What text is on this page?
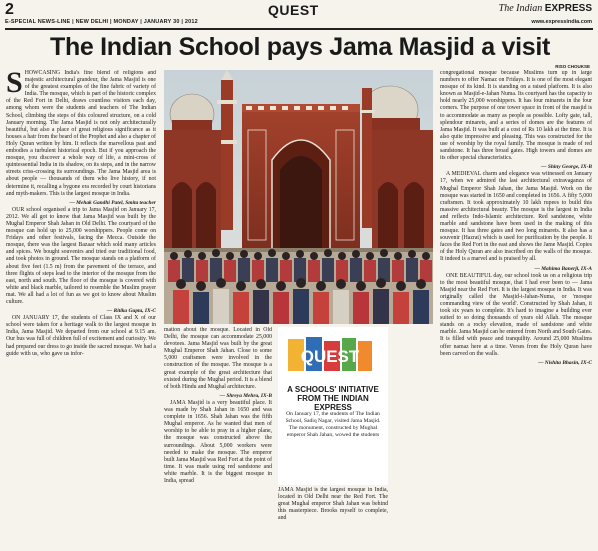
2
E-SPECIAL NEWS-LINE | NEW DELHI | MONDAY | JANUARY 30 | 2012
QUEST	The Indian EXPRESS
www.expressindia.com
The Indian School pays Jama Masjid a visit
RISO CHOUKSE

SHOWCASING India's fine blend of religions and majestic architectural grandeur, the Jama Masjid is one of the greatest examples of the fine fabric of variety of India. The mosque, which is part of the historic complex of the Red Fort in Delhi, draws countless visitors each day, among whom were the students and teachers of The Indian School, climbing the steps of this coloured structure, on a cold January morning. The Jama Masjid is not only architecturally beautiful, but also a place of great religious significance as it houses a hair from the beard of the Prophet and also a chapter of Holy Quran written by him. It reflects the marvellous past and embodies a turbulent historical epoch. But if you approach the mosque, you discover a whole way of life, a mini-cross of quintessential India in its shadow, on its steps, and in the narrow streets criss-crossing its surroundings. The Jama Masjid area is about people — thousands of them who live history, if not determine it, recalling a bygone era recorded by court historians and myth-makers. This is the largest mosque in India.

— Mehak Gandhi Patel, Smita teacher

OUR school organised a trip to Jama Masjid on January 17, 2012. We all got to know that Jama Masjid was built by the Mughal Emperor Shah Jahan in Old Delhi. The courtyard of the mosque can hold up to 25,000 worshippers. People come on Fridays and other festivals, facing the Mecca. Outside the mosque, there was the largest Bazaar which sold many articles and spices. We bought souvenirs and tried our traditional food, and took photos in ground. The mosque stands on a platform of about five feet (1.5 m) from the pavement of the terrace, and three flights of steps lead to the interior of the mosque from the east, north and south. The floor of the mosque is covered with white and black marble, tailored to resemble the Muslim prayer mat. We all had a lot of fun as we got to know about Muslim culture.

— Ritika Gupta, IX-C

ON JANUARY 17, the students of Class IX and X of our school were taken for a heritage walk to the largest mosque in India, Jama Masjid. We departed from our school at 9.15 am. Our bus was full of children full of excitement and curiosity. We had prepared our dress to go inside the sacred mosque. We had a guide with us, who gave us infor-

mation about the mosque. Located in Old Delhi, the mosque can accommodate 25,000 devotees. Jama Masjid was built by the great Mughal Emperor Shah Jahan. Close to some 5,000 craftsmen were involved in the construction of the mosque. The mosque is a great example of the great architecture that existed during the Mughal period. It is a blend of both Hindu and Mughal architecture.

— Shreya Mehra, IX-B

JAMA Masjid is a very beautiful place. It was made by Shah Jahan in 1650 and was complete in 1656. Shah Jahan was the fifth Mughal emperor. As he wanted that men of worship to be able to pray in a higher plane, the mosque was constructed above the surroundings. About 5,000 workers were needed to make the mosque. The emperor built Jama Masjid was Red Fort at the point of time. It was made using red sandstone and white marble. It is the biggest mosque in India, spread

QUEST
A SCHOOLS' INITIATIVE FROM THE INDIAN EXPRESS
On January 17, the students of The Indian School, Sadiq Nagar, visited Jama Masjid. The monument, constructed by Mughal emperor Shah Jahan, wowed the students

JAMA Masjid is the largest mosque in India, located in Old Delhi near the Red Fort. The great Mughal emperor Shah Jahan was behind this masterpiece. Brooks myself to complete, and

congregational mosque because Muslims turn up in large numbers to offer Namaz on Fridays. It is one of the most elegant mosque of its kind. It is standing on a raised platform. It is also known as Masjid-e-Jahan Numa. Its courtyard has the capacity to hold nearly 25,000 worshippers. It has four minarets in the four corners. The purpose of one tower space in front of the masjid is to accommodate as many as people as possible. Lofty gate, tall, splendour minarets, and a series of domes are the features of Jama Masjid. It was built at a cost of Rs 10 lakh at the time. It is also quite impressive and pleasing. This was constructed for the use of worship by the royal family. The mosque is made of red sandstone. It has three broad gates. High towers and domes are its other special characteristics.

— Shiny George, IX-B

A MEDIEVAL charm and elegance was witnessed on January 17, when we admired the last architectural extravaganza of Mughal Emperor Shah Jahan, the Jama Masjid. Work on the mosque was started in 1650 and completed in 1656. A fifty 5,000 craftsmen. It took approximately 10 lakh rupees to build this massive architectural beauty. The mosque is the largest in India and reflects Indo-Islamic architecture. Red sandstone, white marble and sandstone have been used in the making of this mosque. It has three gates and two long minarets. It also has a souvenir (Hazrat) which is used for purification by the people. It faces the Red Fort in the east and shows the Jame Masjid. Copies of the Holy Quran are also inscribed on the walls of the mosque. It indeed is a marvel and is praised by all.

— Mahima Banerji, IX-A

ONE BEAUTIFUL day, our school took us on a religious trip to the most beautiful mosque, that I had ever been to — Jama Masjid near the Red Fort. It is the largest mosque in India. It was originally called the Masjid-i-Jahan-Numa, or 'mosque commanding view of the world'. Constructed by Shah Jahan, it took six years to complete. It's hard to imagine a building ever suited to so doing thousands of years old Allah. The mosque stands on a rocky elevation, made of sandstone and white marble. Jama Masjid can be entered from North and South Gates. It is filled with peace and tranquility. Around 25,000 Muslims offer namaz here at a time. Verses from the Holy Quran have been carved on the walls.

— Nishita Bhasin, IX-C
